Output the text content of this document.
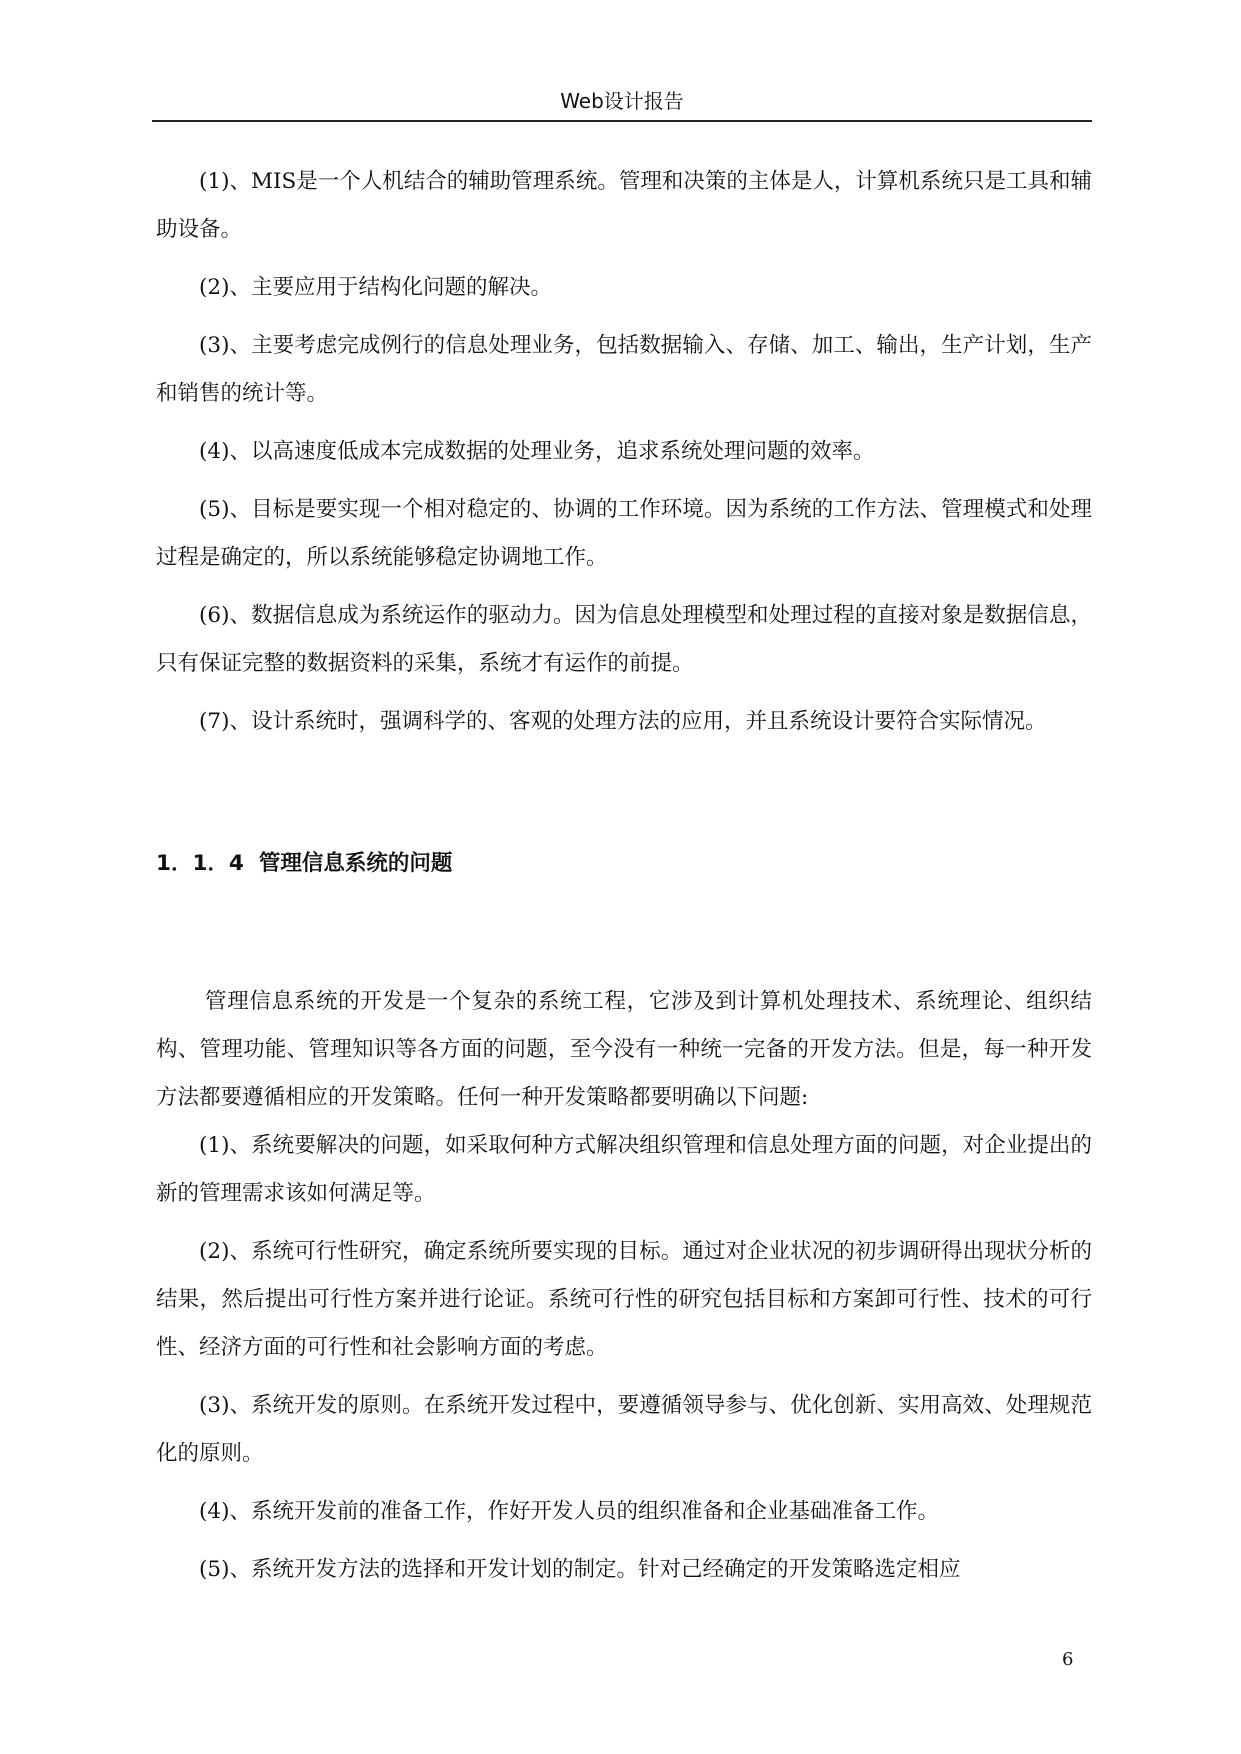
Web设计报告

(1)、MIS是一个人机结合的辅助管理系统。管理和决策的主体是人，计算机系统只是工具和辅助设备。

(2)、主要应用于结构化问题的解决。

(3)、主要考虑完成例行的信息处理业务，包括数据输入、存储、加工、输出，生产计划，生产和销售的统计等。

(4)、以高速度低成本完成数据的处理业务，追求系统处理问题的效率。

(5)、目标是要实现一个相对稳定的、协调的工作环境。因为系统的工作方法、管理模式和处理过程是确定的，所以系统能够稳定协调地工作。

(6)、数据信息成为系统运作的驱动力。因为信息处理模型和处理过程的直接对象是数据信息，只有保证完整的数据资料的采集，系统才有运作的前提。

(7)、设计系统时，强调科学的、客观的处理方法的应用，并且系统设计要符合实际情况。

1．1．4  管理信息系统的问题

管理信息系统的开发是一个复杂的系统工程，它涉及到计算机处理技术、系统理论、组织结构、管理功能、管理知识等各方面的问题，至今没有一种统一完备的开发方法。但是，每一种开发方法都要遵循相应的开发策略。任何一种开发策略都要明确以下问题:

(1)、系统要解决的问题，如采取何种方式解决组织管理和信息处理方面的问题，对企业提出的新的管理需求该如何满足等。

(2)、系统可行性研究，确定系统所要实现的目标。通过对企业状况的初步调研得出现状分析的结果，然后提出可行性方案并进行论证。系统可行性的研究包括目标和方案卸可行性、技术的可行性、经济方面的可行性和社会影响方面的考虑。

(3)、系统开发的原则。在系统开发过程中，要遵循领导参与、优化创新、实用高效、处理规范化的原则。

(4)、系统开发前的准备工作，作好开发人员的组织准备和企业基础准备工作。

(5)、系统开发方法的选择和开发计划的制定。针对己经确定的开发策略选定相应

6
